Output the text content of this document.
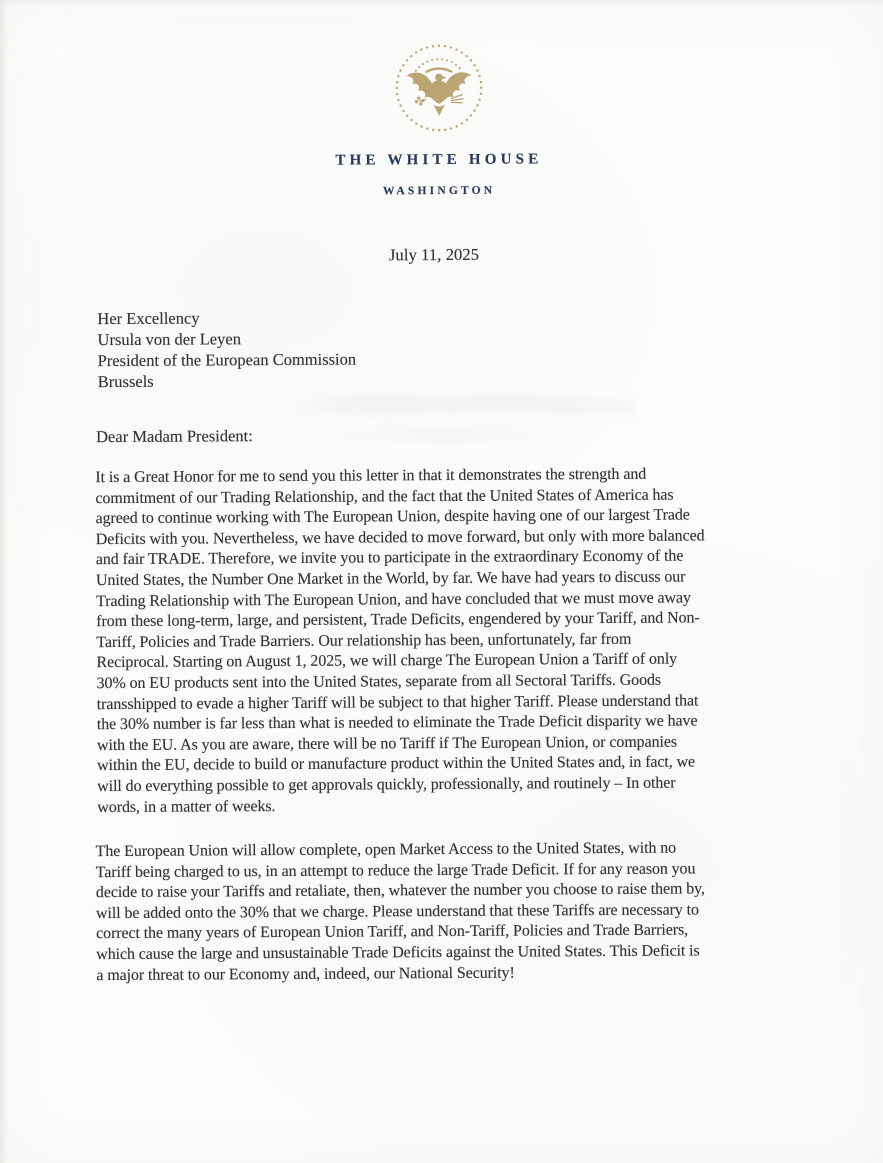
THE WHITE HOUSE
WASHINGTON
July 11, 2025
Her Excellency
Ursula von der Leyen
President of the European Commission
Brussels
Dear Madam President:
It is a Great Honor for me to send you this letter in that it demonstrates the strength and
commitment of our Trading Relationship, and the fact that the United States of America has
agreed to continue working with The European Union, despite having one of our largest Trade
Deficits with you. Nevertheless, we have decided to move forward, but only with more balanced
and fair TRADE. Therefore, we invite you to participate in the extraordinary Economy of the
United States, the Number One Market in the World, by far. We have had years to discuss our
Trading Relationship with The European Union, and have concluded that we must move away
from these long-term, large, and persistent, Trade Deficits, engendered by your Tariff, and Non-
Tariff, Policies and Trade Barriers. Our relationship has been, unfortunately, far from
Reciprocal. Starting on August 1, 2025, we will charge The European Union a Tariff of only
30% on EU products sent into the United States, separate from all Sectoral Tariffs. Goods
transshipped to evade a higher Tariff will be subject to that higher Tariff. Please understand that
the 30% number is far less than what is needed to eliminate the Trade Deficit disparity we have
with the EU. As you are aware, there will be no Tariff if The European Union, or companies
within the EU, decide to build or manufacture product within the United States and, in fact, we
will do everything possible to get approvals quickly, professionally, and routinely – In other
words, in a matter of weeks.
The European Union will allow complete, open Market Access to the United States, with no
Tariff being charged to us, in an attempt to reduce the large Trade Deficit. If for any reason you
decide to raise your Tariffs and retaliate, then, whatever the number you choose to raise them by,
will be added onto the 30% that we charge. Please understand that these Tariffs are necessary to
correct the many years of European Union Tariff, and Non-Tariff, Policies and Trade Barriers,
which cause the large and unsustainable Trade Deficits against the United States. This Deficit is
a major threat to our Economy and, indeed, our National Security!
